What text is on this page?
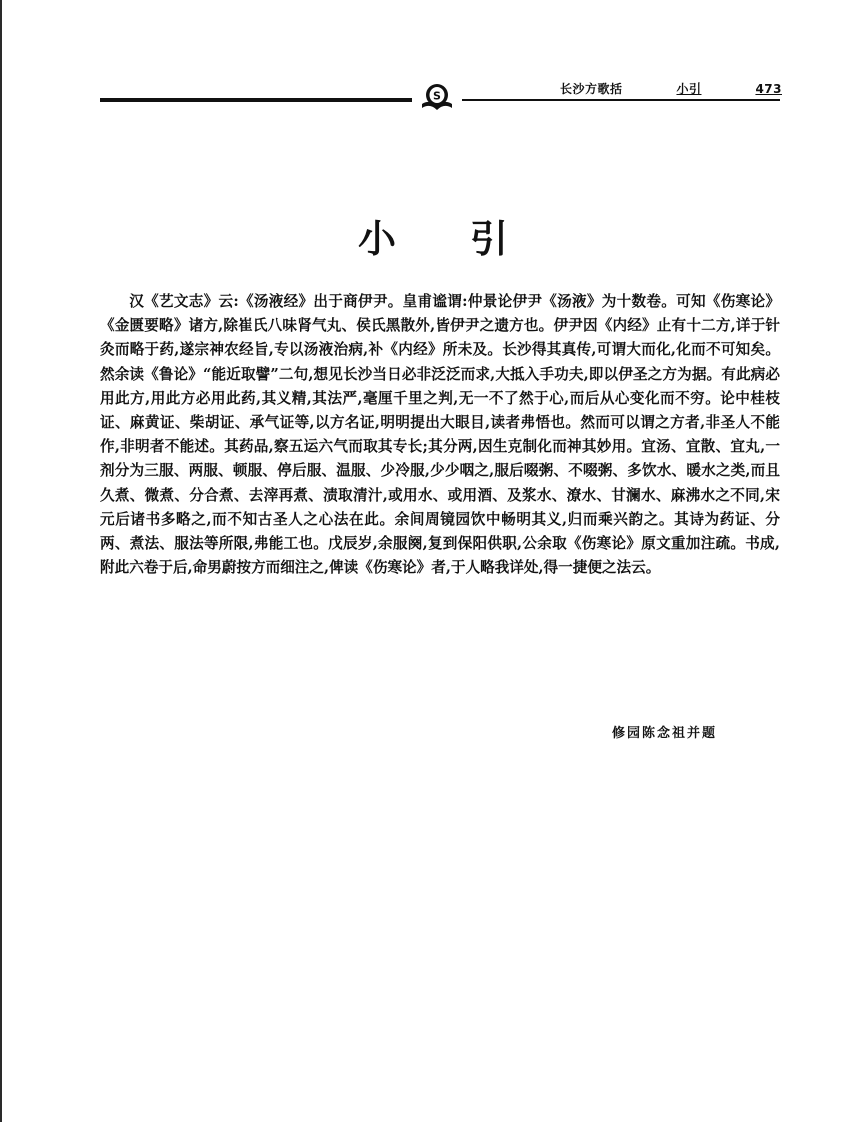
长沙方歌括	小引	473
S
小引

汉《艺文志》云:《汤液经》出于商伊尹。皇甫谧谓:仲景论伊尹《汤液》为十数卷。可知《伤寒论》《金匮要略》诸方,除崔氏八味肾气丸、侯氏黑散外,皆伊尹之遗方也。伊尹因《内经》止有十二方,详于针灸而略于药,遂宗神农经旨,专以汤液治病,补《内经》所未及。长沙得其真传,可谓大而化,化而不可知矣。然余读《鲁论》“能近取譬”二句,想见长沙当日必非泛泛而求,大抵入手功夫,即以伊圣之方为据。有此病必用此方,用此方必用此药,其义精,其法严,毫厘千里之判,无一不了然于心,而后从心变化而不穷。论中桂枝证、麻黄证、柴胡证、承气证等,以方名证,明明提出大眼目,读者弗悟也。然而可以谓之方者,非圣人不能作,非明者不能述。其药品,察五运六气而取其专长;其分两,因生克制化而神其妙用。宜汤、宜散、宜丸,一剂分为三服、两服、顿服、停后服、温服、少冷服,少少咽之,服后啜粥、不啜粥、多饮水、暖水之类,而且久煮、微煮、分合煮、去滓再煮、渍取清汁,或用水、或用酒、及浆水、潦水、甘澜水、麻沸水之不同,宋元后诸书多略之,而不知古圣人之心法在此。余间周镜园饮中畅明其义,归而乘兴韵之。其诗为药证、分两、煮法、服法等所限,弗能工也。戊辰岁,余服阕,复到保阳供职,公余取《伤寒论》原文重加注疏。书成,附此六卷于后,命男蔚按方而细注之,俾读《伤寒论》者,于人略我详处,得一捷便之法云。

修园陈念祖并题
